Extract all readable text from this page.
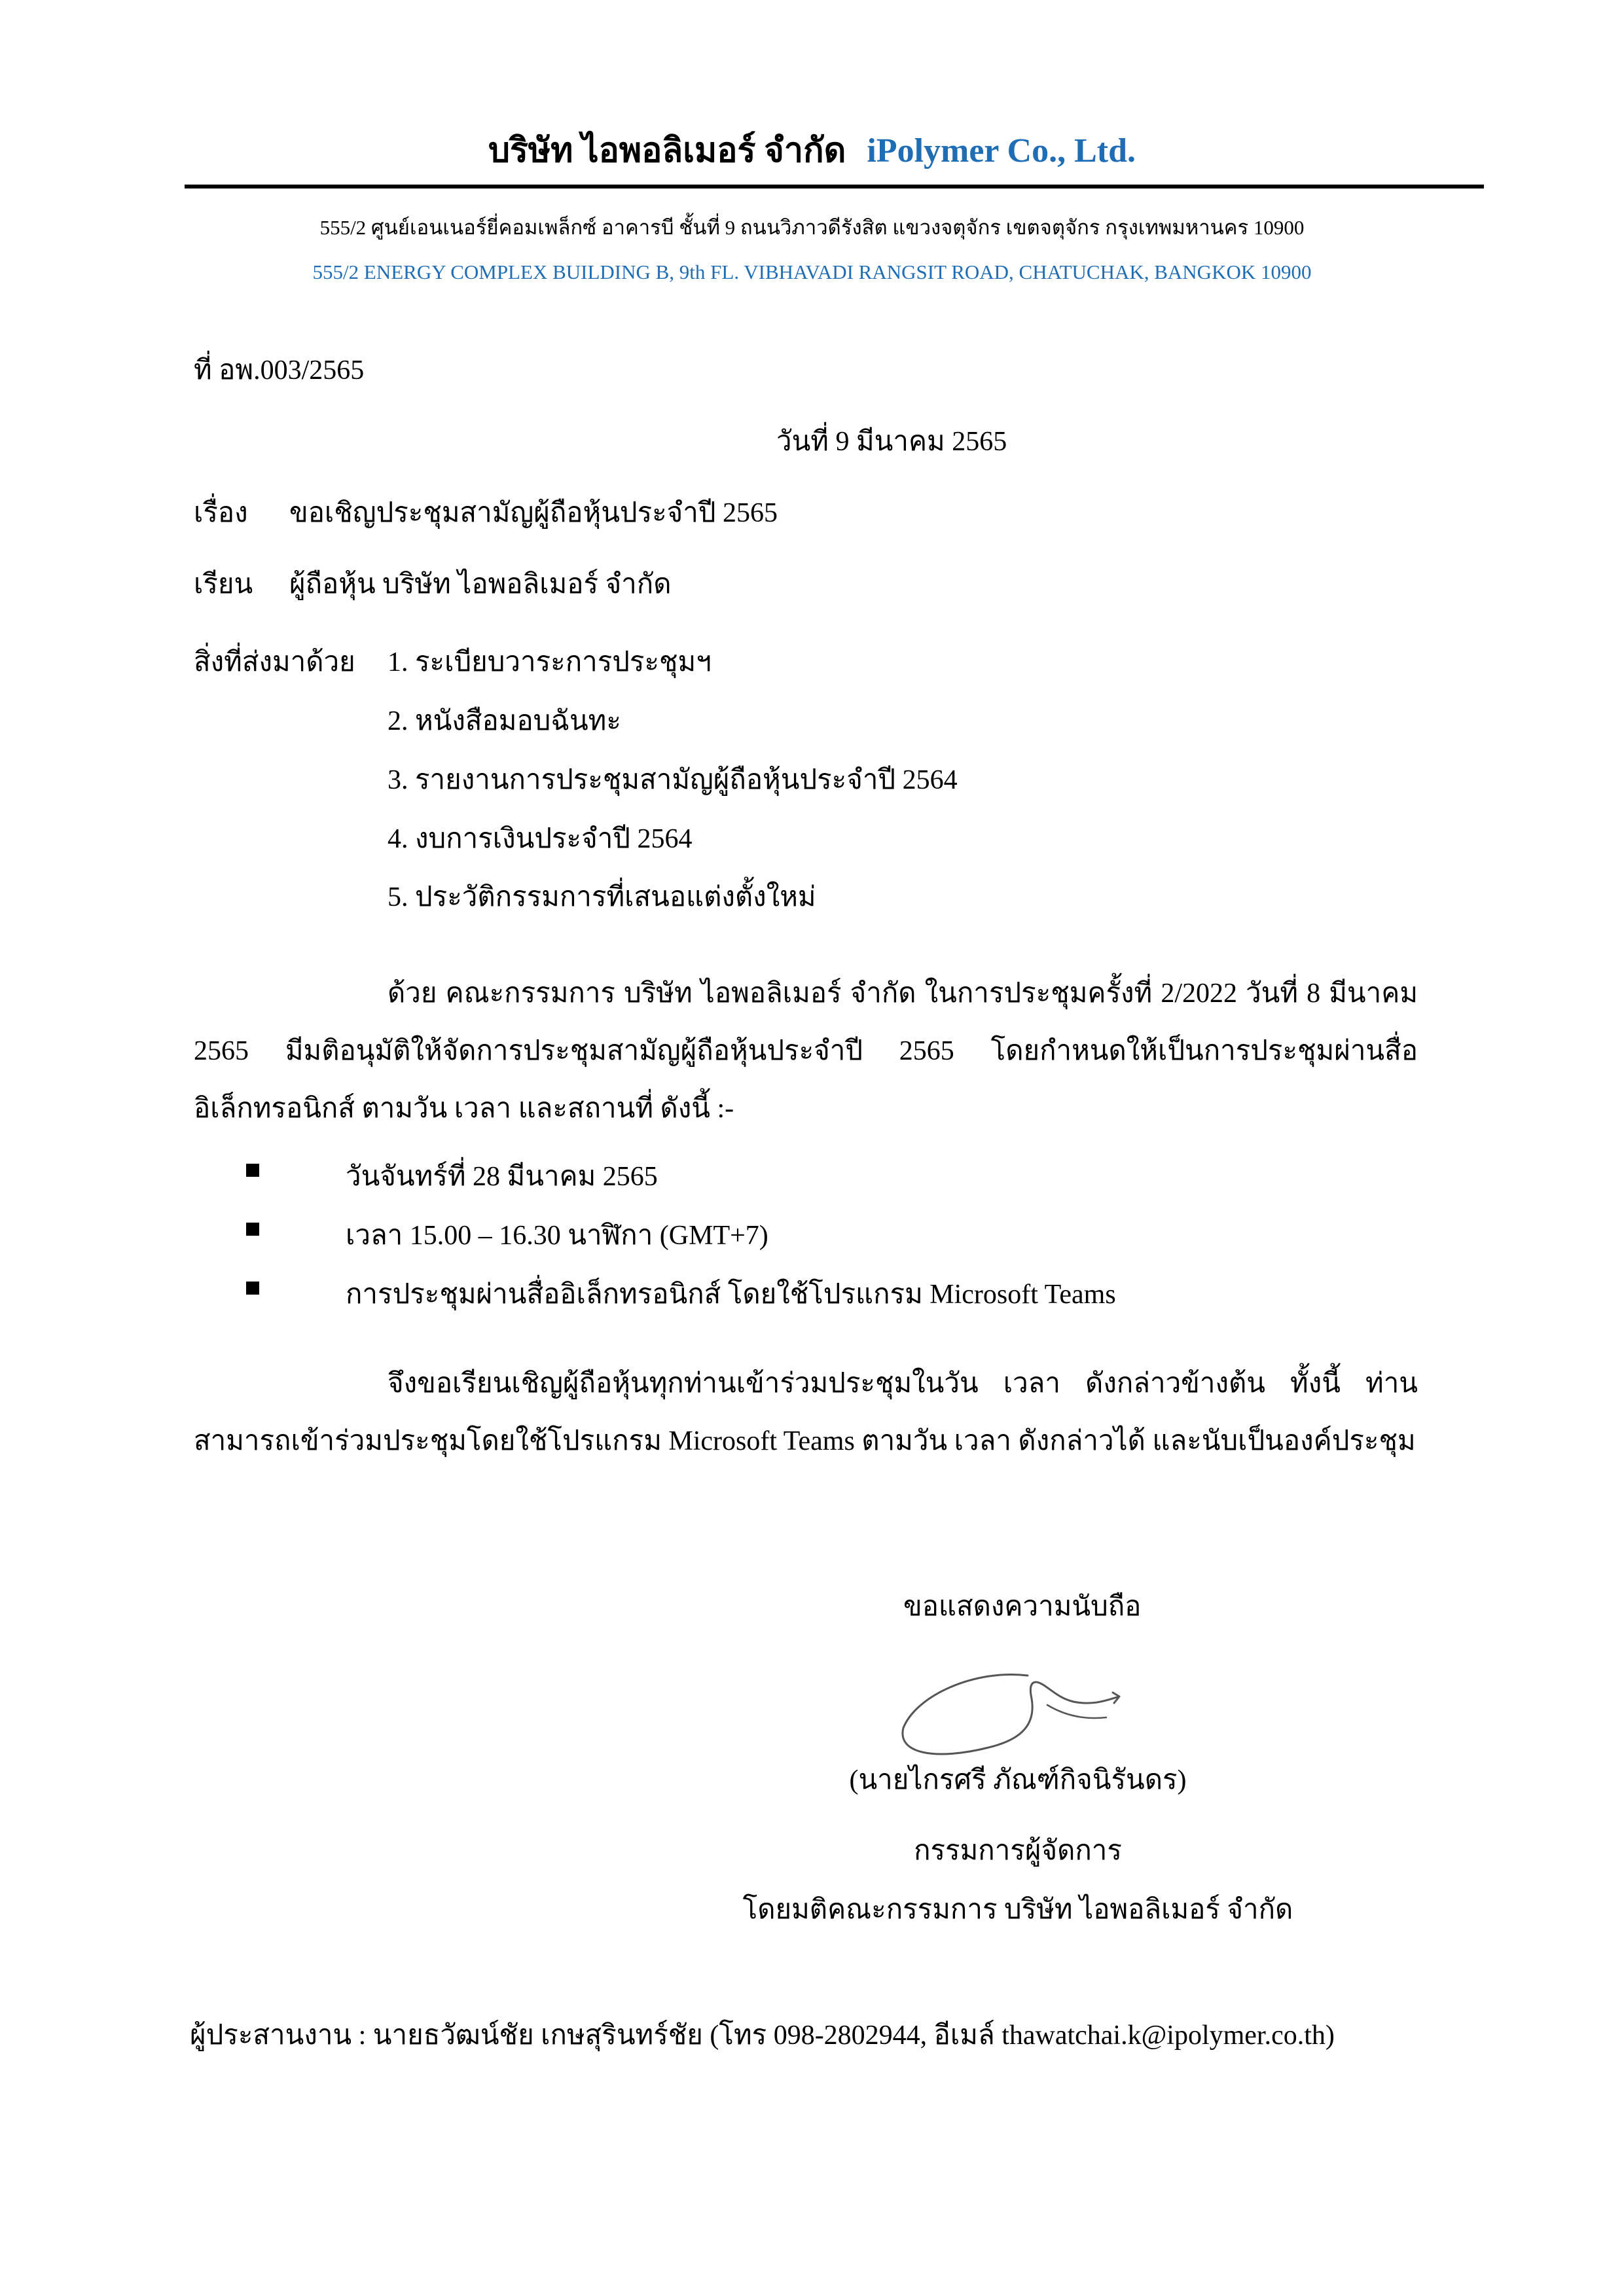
บริษัท ไอพอลิเมอร์ จำกัด iPolymer Co., Ltd.
555/2 ศูนย์เอนเนอร์ยี่คอมเพล็กซ์ อาคารบี ชั้นที่ 9 ถนนวิภาวดีรังสิต แขวงจตุจักร เขตจตุจักร กรุงเทพมหานคร 10900
555/2 ENERGY COMPLEX BUILDING B, 9th FL. VIBHAVADI RANGSIT ROAD, CHATUCHAK, BANGKOK 10900
ที่ อพ.003/2565
วันที่ 9 มีนาคม 2565
เรื่อง ขอเชิญประชุมสามัญผู้ถือหุ้นประจำปี 2565
เรียน ผู้ถือหุ้น บริษัท ไอพอลิเมอร์ จำกัด
สิ่งที่ส่งมาด้วย 1. ระเบียบวาระการประชุมฯ
2. หนังสือมอบฉันทะ
3. รายงานการประชุมสามัญผู้ถือหุ้นประจำปี 2564
4. งบการเงินประจำปี 2564
5. ประวัติกรรมการที่เสนอแต่งตั้งใหม่
ด้วย คณะกรรมการ บริษัท ไอพอลิเมอร์ จำกัด ในการประชุมครั้งที่ 2/2022 วันที่ 8 มีนาคม 2565 มีมติอนุมัติให้จัดการประชุมสามัญผู้ถือหุ้นประจำปี 2565 โดยกำหนดให้เป็นการประชุมผ่านสื่ออิเล็กทรอนิกส์ ตามวัน เวลา และสถานที่ ดังนี้ :-
วันจันทร์ที่ 28 มีนาคม 2565
เวลา 15.00 – 16.30 นาฬิกา (GMT+7)
การประชุมผ่านสื่ออิเล็กทรอนิกส์ โดยใช้โปรแกรม Microsoft Teams
จึงขอเรียนเชิญผู้ถือหุ้นทุกท่านเข้าร่วมประชุมในวัน เวลา ดังกล่าวข้างต้น ทั้งนี้ ท่านสามารถเข้าร่วมประชุมโดยใช้โปรแกรม Microsoft Teams ตามวัน เวลา ดังกล่าวได้ และนับเป็นองค์ประชุม
ขอแสดงความนับถือ
(นายไกรศรี ภัณฑ์กิจนิรันดร)
กรรมการผู้จัดการ
โดยมติคณะกรรมการ บริษัท ไอพอลิเมอร์ จำกัด
ผู้ประสานงาน : นายธวัฒน์ชัย เกษสุรินทร์ชัย (โทร 098-2802944, อีเมล์ thawatchai.k@ipolymer.co.th)
